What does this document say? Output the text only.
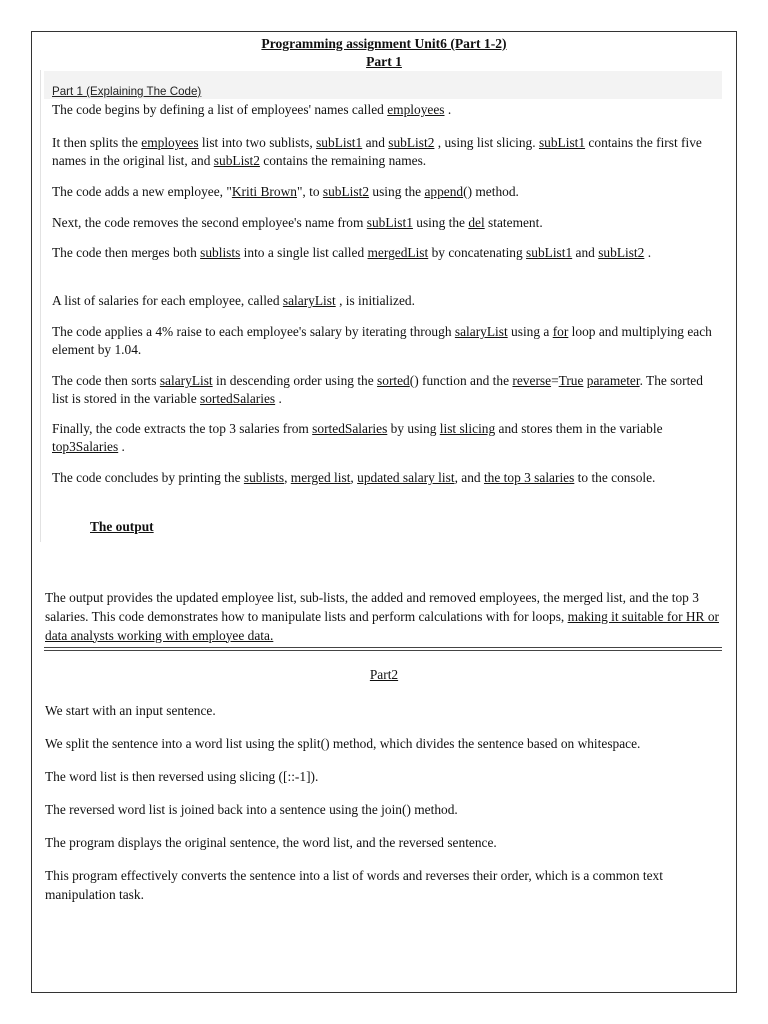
Programming assignment Unit6 (Part 1-2)
Part 1
Part 1 (Explaining The Code)
The code begins by defining a list of employees' names called employees .
It then splits the employees list into two sublists, subList1 and subList2 , using list slicing. subList1 contains the first five names in the original list, and subList2 contains the remaining names.
The code adds a new employee, "Kriti Brown", to subList2 using the append() method.
Next, the code removes the second employee's name from subList1 using the del statement.
The code then merges both sublists into a single list called mergedList by concatenating subList1 and subList2 .
A list of salaries for each employee, called salaryList , is initialized.
The code applies a 4% raise to each employee's salary by iterating through salaryList using a for loop and multiplying each element by 1.04.
The code then sorts salaryList in descending order using the sorted() function and the reverse=True parameter. The sorted list is stored in the variable sortedSalaries .
Finally, the code extracts the top 3 salaries from sortedSalaries by using list slicing and stores them in the variable top3Salaries .
The code concludes by printing the sublists, merged list, updated salary list, and the top 3 salaries to the console.
The output
The output provides the updated employee list, sub-lists, the added and removed employees, the merged list, and the top 3 salaries. This code demonstrates how to manipulate lists and perform calculations with for loops, making it suitable for HR or data analysts working with employee data.
Part2
We start with an input sentence.
We split the sentence into a word list using the split() method, which divides the sentence based on whitespace.
The word list is then reversed using slicing ([::-1]).
The reversed word list is joined back into a sentence using the join() method.
The program displays the original sentence, the word list, and the reversed sentence.
This program effectively converts the sentence into a list of words and reverses their order, which is a common text manipulation task.
